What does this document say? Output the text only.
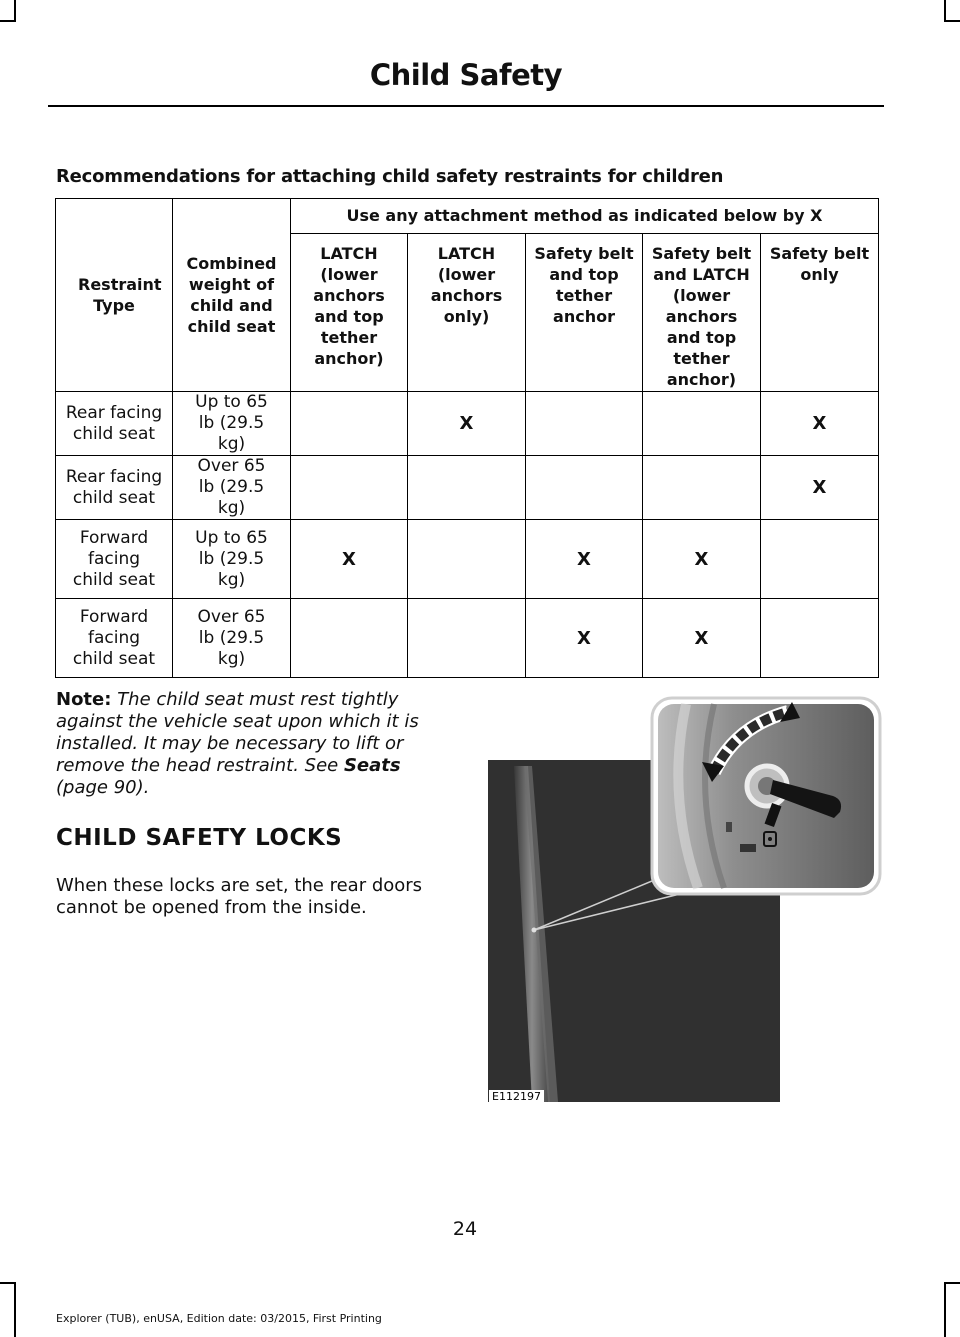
Child Safety
Recommendations for attaching child safety restraints for children
Restraint Type	Combined weight of child and child seat	Use any attachment method as indicated below by X				

		LATCH (lower anchors and top tether anchor)	LATCH (lower anchors only)	Safety belt and top tether anchor	Safety belt and LATCH (lower anchors and top tether anchor)	Safety belt only

Rear facing child seat	Up to 65 lb (29.5 kg)		X			X
Rear facing child seat	Over 65 lb (29.5 kg)					X

Forward facing child seat	Up to 65 lb (29.5 kg)	X		X	X	

Forward facing child seat	Over 65 lb (29.5 kg)			X	X	
Note: The child seat must rest tightly against the vehicle seat upon which it is installed. It may be necessary to lift or remove the head restraint. See Seats (page 90).
CHILD SAFETY LOCKS
When these locks are set, the rear doors cannot be opened from the inside.
E112197
24
Explorer (TUB), enUSA, Edition date: 03/2015, First Printing
